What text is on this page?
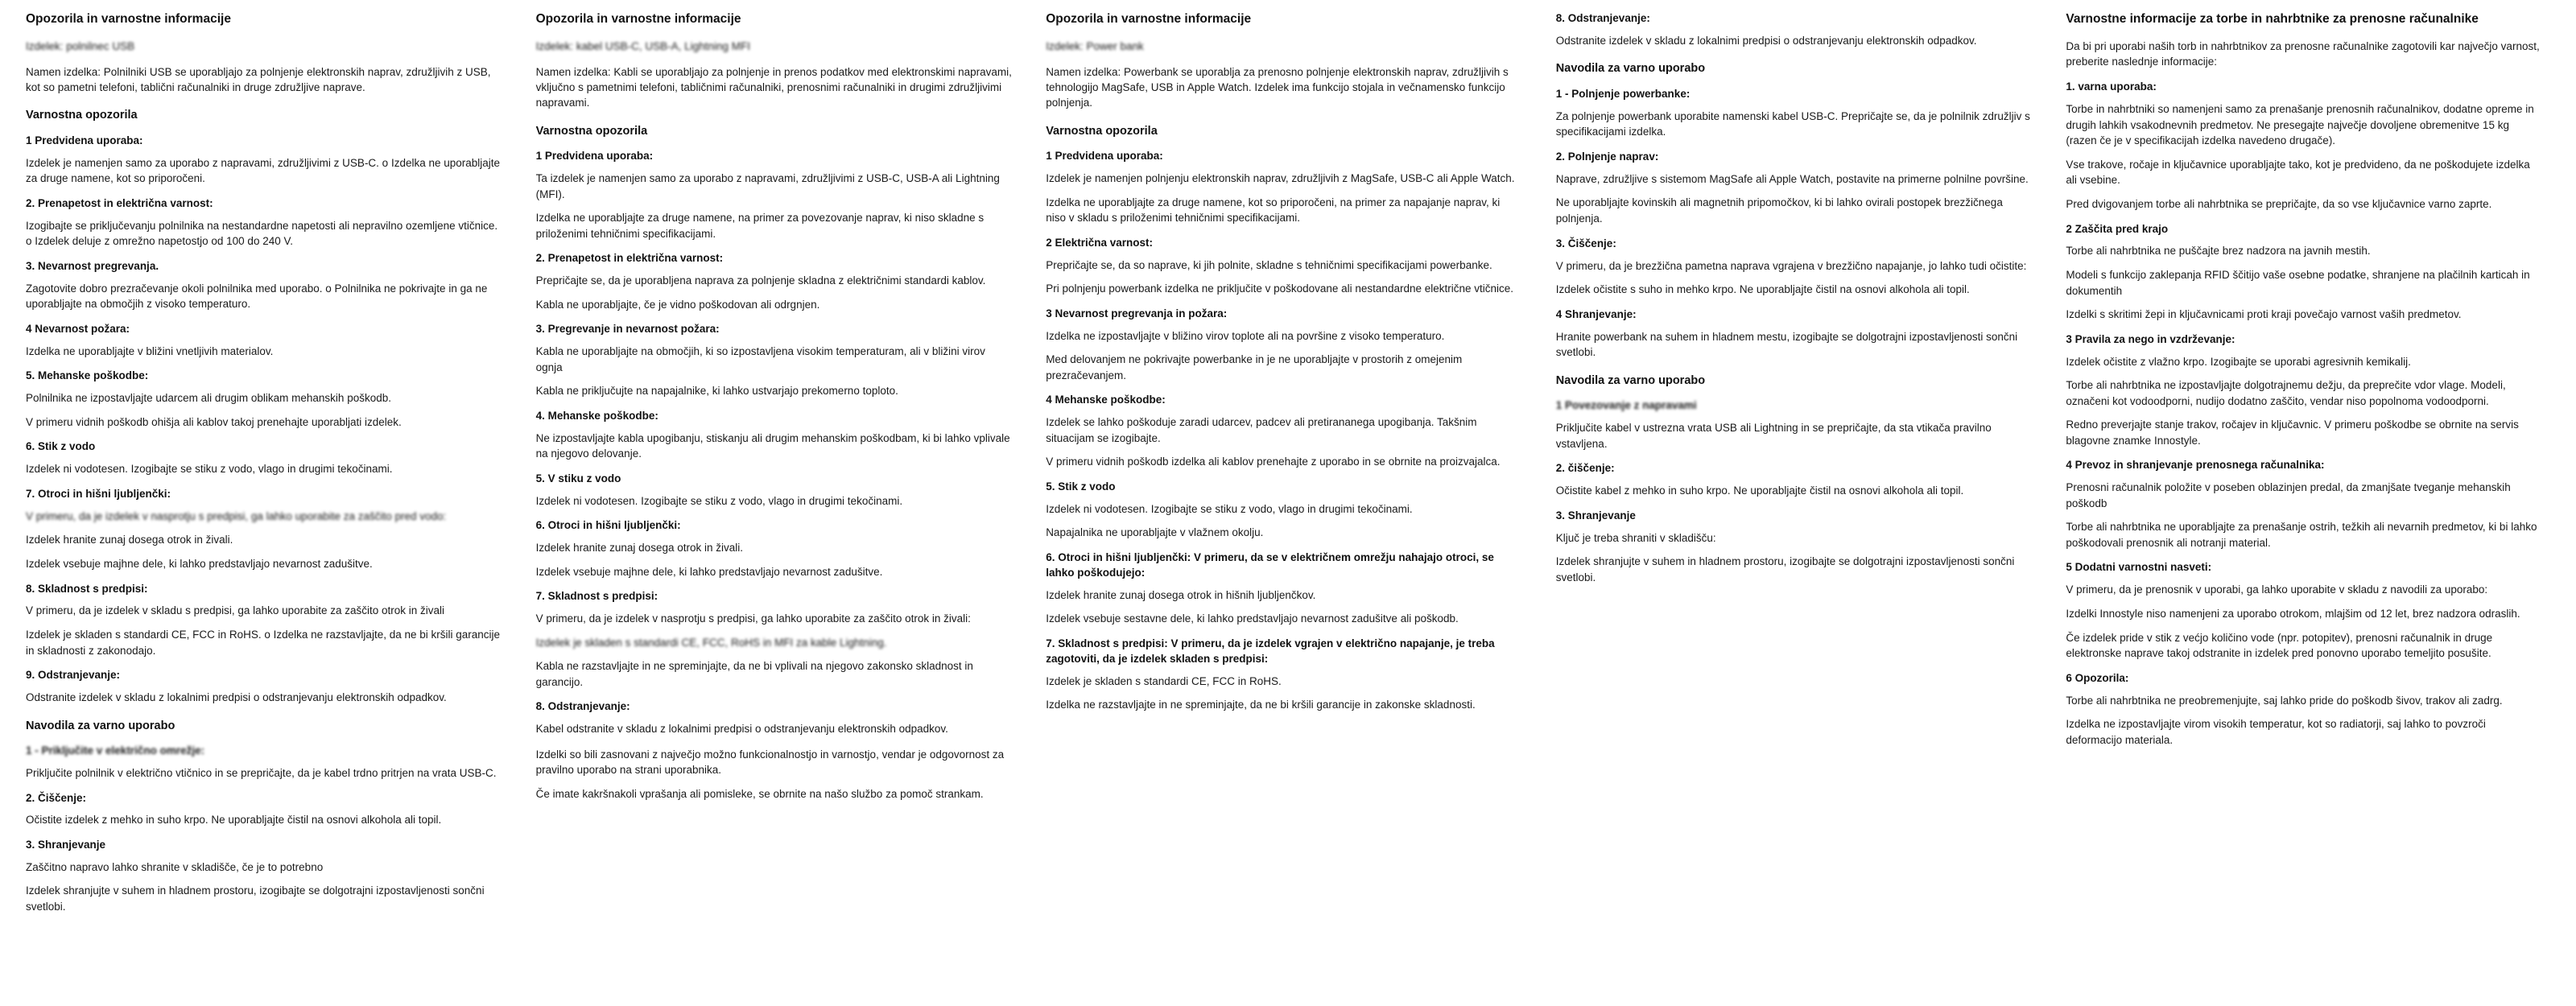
Opozorila in varnostne informacije
Izdelek: polnilnec USB
Namen izdelka: Polnilniki USB se uporabljajo za polnjenje elektronskih naprav, združljivih z USB, kot so pametni telefoni, tablični računalniki in druge združljive naprave.
Varnostna opozorila
1 Predvidena uporaba:
Izdelek je namenjen samo za uporabo z napravami, združljivimi z USB-C. o Izdelka ne uporabljajte za druge namene, kot so priporočeni.
2. Prenapetost in električna varnost:
Izogibajte se priključevanju polnilnika na nestandardne napetosti ali nepravilno ozemljene vtičnice. o Izdelek deluje z omrežno napetostjo od 100 do 240 V.
3. Nevarnost pregrevanja.
Zagotovite dobro prezračevanje okoli polnilnika med uporabo. o Polnilnika ne pokrivajte in ga ne uporabljajte na območjih z visoko temperaturo.
4 Nevarnost požara:
Izdelka ne uporabljajte v bližini vnetljivih materialov.
5. Mehanske poškodbe:
Polnilnika ne izpostavljajte udarcem ali drugim oblikam mehanskih poškodb.
V primeru vidnih poškodb ohišja ali kablov takoj prenehajte uporabljati izdelek.
6. Stik z vodo
Izdelek ni vodotesen. Izogibajte se stiku z vodo, vlago in drugimi tekočinami.
7. Otroci in hišni ljubljenčki:
V primeru, da je izdelek v nasprotju s predpisi, ga lahko uporabite za zaščito pred vodo:
Izdelek hranite zunaj dosega otrok in živali.
Izdelek vsebuje majhne dele, ki lahko predstavljajo nevarnost zadušitve.
8. Skladnost s predpisi:
V primeru, da je izdelek v skladu s predpisi, ga lahko uporabite za zaščito otrok in živali
Izdelek je skladen s standardi CE, FCC in RoHS. o Izdelka ne razstavljajte, da ne bi kršili garancije in skladnosti z zakonodajo.
9. Odstranjevanje:
Odstranite izdelek v skladu z lokalnimi predpisi o odstranjevanju elektronskih odpadkov.
Navodila za varno uporabo
1 - Priključite v električno omrežje:
Priključite polnilnik v električno vtičnico in se prepričajte, da je kabel trdno pritrjen na vrata USB-C.
2. Čiščenje:
Očistite izdelek z mehko in suho krpo. Ne uporabljajte čistil na osnovi alkohola ali topil.
3. Shranjevanje
Zaščitno napravo lahko shranite v skladišče, če je to potrebno
Izdelek shranjujte v suhem in hladnem prostoru, izogibajte se dolgotrajni izpostavljenosti sončni svetlobi.
Opozorila in varnostne informacije
Izdelek: kabel USB-C, USB-A, Lightning MFI
Namen izdelka: Kabli se uporabljajo za polnjenje in prenos podatkov med elektronskimi napravami, vključno s pametnimi telefoni, tabličnimi računalniki, prenosnimi računalniki in drugimi združljivimi napravami.
Varnostna opozorila
1 Predvidena uporaba:
Ta izdelek je namenjen samo za uporabo z napravami, združljivimi z USB-C, USB-A ali Lightning (MFI).
Izdelka ne uporabljajte za druge namene, na primer za povezovanje naprav, ki niso skladne s priloženimi tehničnimi specifikacijami.
2. Prenapetost in električna varnost:
Prepričajte se, da je uporabljena naprava za polnjenje skladna z električnimi standardi kablov.
Kabla ne uporabljajte, če je vidno poškodovan ali odrgnjen.
3. Pregrevanje in nevarnost požara:
Kabla ne uporabljajte na območjih, ki so izpostavljena visokim temperaturam, ali v bližini virov ognja
Kabla ne priključujte na napajalnike, ki lahko ustvarjajo prekomerno toploto.
4. Mehanske poškodbe:
Ne izpostavljajte kabla upogibanju, stiskanju ali drugim mehanskim poškodbam, ki bi lahko vplivale na njegovo delovanje.
5. V stiku z vodo
Izdelek ni vodotesen. Izogibajte se stiku z vodo, vlago in drugimi tekočinami.
6. Otroci in hišni ljubljenčki:
Izdelek hranite zunaj dosega otrok in živali.
Izdelek vsebuje majhne dele, ki lahko predstavljajo nevarnost zadušitve.
7. Skladnost s predpisi:
V primeru, da je izdelek v nasprotju s predpisi, ga lahko uporabite za zaščito otrok in živali:
Izdelek je skladen s standardi CE, FCC, RoHS in MFI za kable Lightning.
Kabla ne razstavljajte in ne spreminjajte, da ne bi vplivali na njegovo zakonsko skladnost in garancijo.
8. Odstranjevanje:
Kabel odstranite v skladu z lokalnimi predpisi o odstranjevanju elektronskih odpadkov.
Izdelki so bili zasnovani z največjo možno funkcionalnostjo in varnostjo, vendar je odgovornost za pravilno uporabo na strani uporabnika.
Če imate kakršnakoli vprašanja ali pomisleke, se obrnite na našo službo za pomoč strankam.
Opozorila in varnostne informacije
Izdelek: Power bank
Namen izdelka: Powerbank se uporablja za prenosno polnjenje elektronskih naprav, združljivih s tehnologijo MagSafe, USB in Apple Watch. Izdelek ima funkcijo stojala in večnamensko funkcijo polnjenja.
Varnostna opozorila
1 Predvidena uporaba:
Izdelek je namenjen polnjenju elektronskih naprav, združljivih z MagSafe, USB-C ali Apple Watch.
Izdelka ne uporabljajte za druge namene, kot so priporočeni, na primer za napajanje naprav, ki niso v skladu s priloženimi tehničnimi specifikacijami.
2 Električna varnost:
Prepričajte se, da so naprave, ki jih polnite, skladne s tehničnimi specifikacijami powerbanke.
Pri polnjenju powerbank izdelka ne priključite v poškodovane ali nestandardne električne vtičnice.
3 Nevarnost pregrevanja in požara:
Izdelka ne izpostavljajte v bližino virov toplote ali na površine z visoko temperaturo.
Med delovanjem ne pokrivajte powerbanke in je ne uporabljajte v prostorih z omejenim prezračevanjem.
4 Mehanske poškodbe:
Izdelek se lahko poškoduje zaradi udarcev, padcev ali pretirananega upogibanja. Takšnim situacijam se izogibajte.
V primeru vidnih poškodb izdelka ali kablov prenehajte z uporabo in se obrnite na proizvajalca.
5. Stik z vodo
Izdelek ni vodotesen. Izogibajte se stiku z vodo, vlago in drugimi tekočinami.
Napajalnika ne uporabljajte v vlažnem okolju.
6. Otroci in hišni ljubljenčki: V primeru, da se v električnem omrežju nahajajo otroci, se lahko poškodujejo:
Izdelek hranite zunaj dosega otrok in hišnih ljubljenčkov.
Izdelek vsebuje sestavne dele, ki lahko predstavljajo nevarnost zadušitve ali poškodb.
7. Skladnost s predpisi: V primeru, da je izdelek vgrajen v električno napajanje, je treba zagotoviti, da je izdelek skladen s predpisi:
Izdelek je skladen s standardi CE, FCC in RoHS.
Izdelka ne razstavljajte in ne spreminjajte, da ne bi kršili garancije in zakonske skladnosti.
8. Odstranjevanje:
Odstranite izdelek v skladu z lokalnimi predpisi o odstranjevanju elektronskih odpadkov.
Navodila za varno uporabo
1 - Polnjenje powerbanke:
Za polnjenje powerbank uporabite namenski kabel USB-C. Prepričajte se, da je polnilnik združljiv s specifikacijami izdelka.
2. Polnjenje naprav:
Naprave, združljive s sistemom MagSafe ali Apple Watch, postavite na primerne polnilne površine.
Ne uporabljajte kovinskih ali magnetnih pripomočkov, ki bi lahko ovirali postopek brezžičnega polnjenja.
3. Čiščenje:
V primeru, da je brezžična pametna naprava vgrajena v brezžično napajanje, jo lahko tudi očistite:
Izdelek očistite s suho in mehko krpo. Ne uporabljajte čistil na osnovi alkohola ali topil.
4 Shranjevanje:
Hranite powerbank na suhem in hladnem mestu, izogibajte se dolgotrajni izpostavljenosti sončni svetlobi.
Navodila za varno uporabo
1 Povezovanje z napravami
Priključite kabel v ustrezna vrata USB ali Lightning in se prepričajte, da sta vtikača pravilno vstavljena.
2. čiščenje:
Očistite kabel z mehko in suho krpo. Ne uporabljajte čistil na osnovi alkohola ali topil.
3. Shranjevanje
Ključ je treba shraniti v skladišču:
Izdelek shranjujte v suhem in hladnem prostoru, izogibajte se dolgotrajni izpostavljenosti sončni svetlobi.
Varnostne informacije za torbe in nahrbtnike za prenosne računalnike
Da bi pri uporabi naših torb in nahrbtnikov za prenosne računalnike zagotovili kar največjo varnost, preberite naslednje informacije:
1. varna uporaba:
Torbe in nahrbtniki so namenjeni samo za prenašanje prenosnih računalnikov, dodatne opreme in drugih lahkih vsakodnevnih predmetov. Ne presegajte največje dovoljene obremenitve 15 kg (razen če je v specifikacijah izdelka navedeno drugače).
Vse trakove, ročaje in ključavnice uporabljajte tako, kot je predvideno, da ne poškodujete izdelka ali vsebine.
Pred dvigovanjem torbe ali nahrbtnika se prepričajte, da so vse ključavnice varno zaprte.
2 Zaščita pred krajo
Torbe ali nahrbtnika ne puščajte brez nadzora na javnih mestih.
Modeli s funkcijo zaklepanja RFID ščitijo vaše osebne podatke, shranjene na plačilnih karticah in dokumentih
Izdelki s skritimi žepi in ključavnicami proti kraji povečajo varnost vaših predmetov.
3 Pravila za nego in vzdrževanje:
Izdelek očistite z vlažno krpo. Izogibajte se uporabi agresivnih kemikalij.
Torbe ali nahrbtnika ne izpostavljajte dolgotrajnemu dežju, da preprečite vdor vlage. Modeli, označeni kot vodoodporni, nudijo dodatno zaščito, vendar niso popolnoma vodoodporni.
Redno preverjajte stanje trakov, ročajev in ključavnic. V primeru poškodbe se obrnite na servis blagovne znamke Innostyle.
4 Prevoz in shranjevanje prenosnega računalnika:
Prenosni računalnik položite v poseben oblazinjen predal, da zmanjšate tveganje mehanskih poškodb
Torbe ali nahrbtnika ne uporabljajte za prenašanje ostrih, težkih ali nevarnih predmetov, ki bi lahko poškodovali prenosnik ali notranji material.
5 Dodatni varnostni nasveti:
V primeru, da je prenosnik v uporabi, ga lahko uporabite v skladu z navodili za uporabo:
Izdelki Innostyle niso namenjeni za uporabo otrokom, mlajšim od 12 let, brez nadzora odraslih.
Če izdelek pride v stik z većjo količino vode (npr. potopitev), prenosni računalnik in druge elektronske naprave takoj odstranite in izdelek pred ponovno uporabo temeljito posušite.
6 Opozorila:
Torbe ali nahrbtnika ne preobremenjujte, saj lahko pride do poškodb šivov, trakov ali zadrg.
Izdelka ne izpostavljajte virom visokih temperatur, kot so radiatorji, saj lahko to povzroči deformacijo materiala.
